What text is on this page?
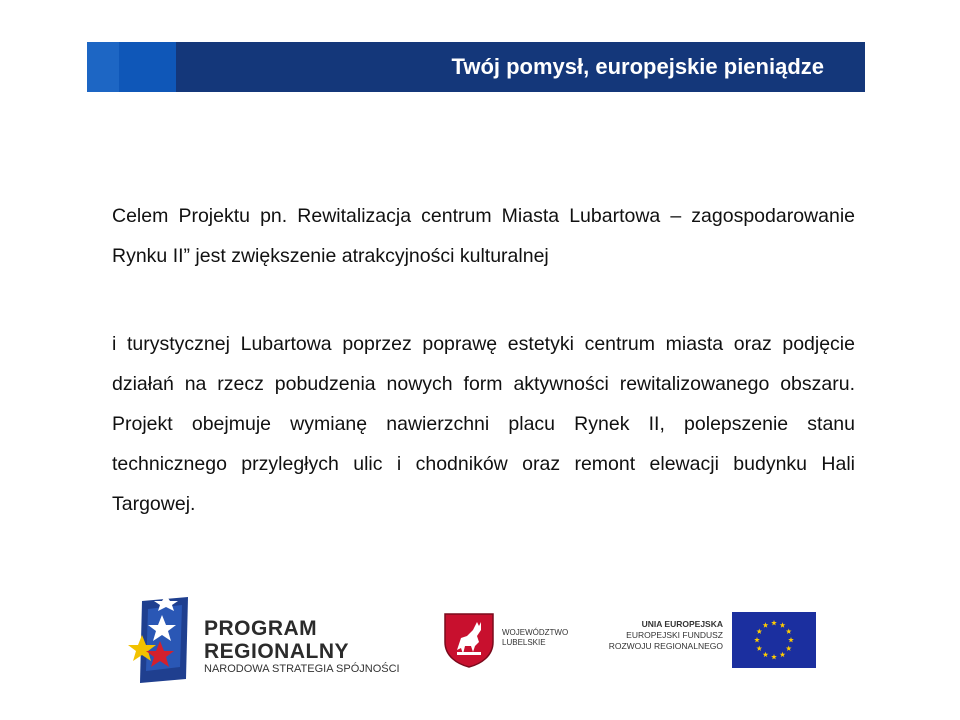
Twój pomysł, europejskie pieniądze

Celem Projektu pn. Rewitalizacja centrum Miasta Lubartowa – zagospodarowanie Rynku II” jest zwiększenie atrakcyjności kulturalnej

i turystycznej Lubartowa poprzez poprawę estetyki centrum miasta oraz podjęcie działań na rzecz pobudzenia nowych form aktywności rewitalizowanego obszaru. Projekt obejmuje wymianę nawierzchni placu Rynek II, polepszenie stanu technicznego przyległych ulic i chodników oraz remont elewacji budynku Hali Targowej.

PROGRAM
REGIONALNY
NARODOWA STRATEGIA SPÓJNOŚCI
WOJEWÓDZTWO
LUBELSKIE
UNIA EUROPEJSKA
EUROPEJSKI FUNDUSZ
ROZWOJU REGIONALNEGO
